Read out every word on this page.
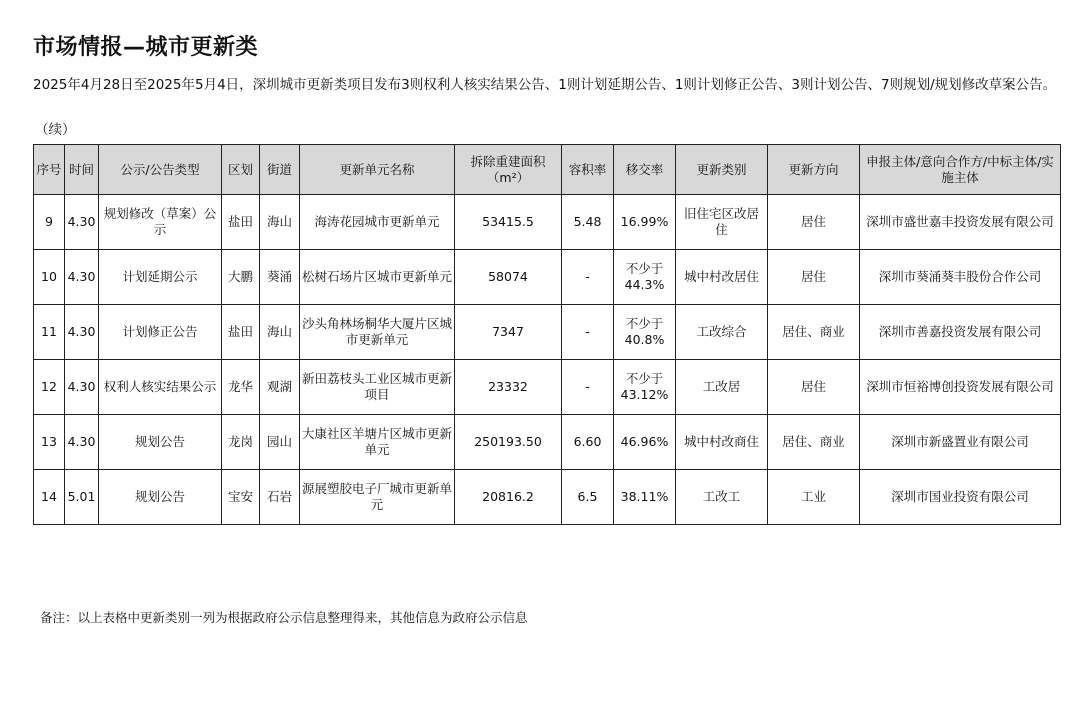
市场情报—城市更新类

2025年4月28日至2025年5月4日，深圳城市更新类项目发布3则权利人核实结果公告、1则计划延期公告、1则计划修正公告、3则计划公告、7则规划/规划修改草案公告。

（续）

序号	时间	公示/公告类型	区划	街道	更新单元名称	拆除重建面积（m²）	容积率	移交率	更新类别	更新方向	申报主体/意向合作方/中标主体/实施主体
9	4.30	规划修改（草案）公示	盐田	海山	海涛花园城市更新单元	53415.5	5.48	16.99%	旧住宅区改居住	居住	深圳市盛世嘉丰投资发展有限公司
10	4.30	计划延期公示	大鹏	葵涌	松树石场片区城市更新单元	58074	-	不少于44.3%	城中村改居住	居住	深圳市葵涌葵丰股份合作公司
11	4.30	计划修正公告	盐田	海山	沙头角林场桐华大厦片区城市更新单元	7347	-	不少于40.8%	工改综合	居住、商业	深圳市善嘉投资发展有限公司
12	4.30	权利人核实结果公示	龙华	观湖	新田荔枝头工业区城市更新项目	23332	-	不少于43.12%	工改居	居住	深圳市恒裕博创投资发展有限公司
13	4.30	规划公告	龙岗	园山	大康社区羊塘片区城市更新单元	250193.50	6.60	46.96%	城中村改商住	居住、商业	深圳市新盛置业有限公司
14	5.01	规划公告	宝安	石岩	源展塑胶电子厂城市更新单元	20816.2	6.5	38.11%	工改工	工业	深圳市国业投资有限公司

备注：以上表格中更新类别一列为根据政府公示信息整理得来，其他信息为政府公示信息
